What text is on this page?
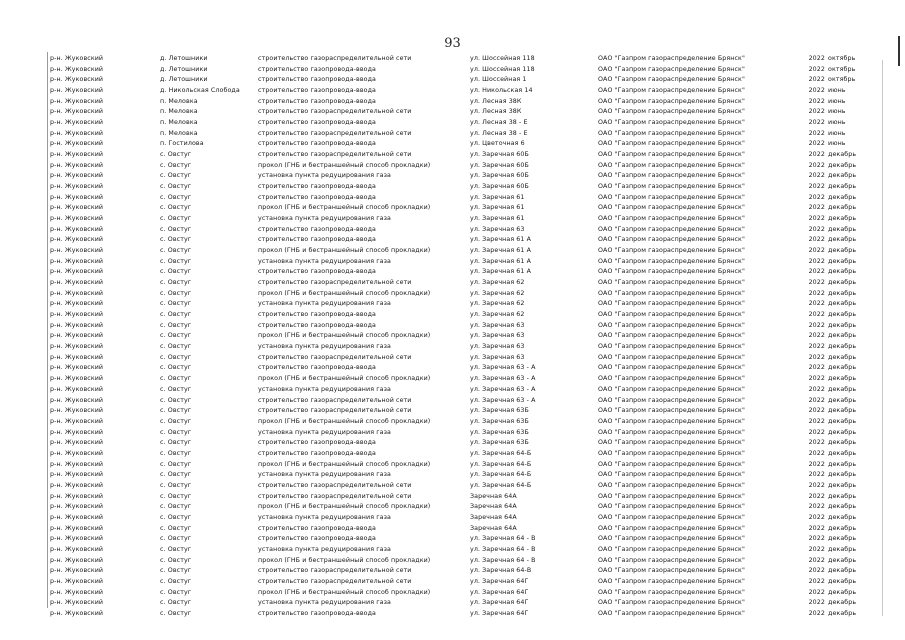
93
р-н. Жуковский	д. Летошники	строительство газораспределительной сети	ул. Шоссейная 118	ОАО "Газпром газораспределение Брянск"	2022 октябрь
р-н. Жуковский	д. Летошники	строительство газопровода-ввода	ул. Шоссейная 118	ОАО "Газпром газораспределение Брянск"	2022 октябрь
р-н. Жуковский	д. Летошники	строительство газопровода-ввода	ул. Шоссейная 1	ОАО "Газпром газораспределение Брянск"	2022 октябрь
р-н. Жуковский	д. Никольская Слобода	строительство газопровода-ввода	ул. Никольская 14	ОАО "Газпром газораспределение Брянск"	2022 июнь
р-н. Жуковский	п. Меловка	строительство газопровода-ввода	ул. Лесная 38К	ОАО "Газпром газораспределение Брянск"	2022 июнь
р-н. Жуковский	п. Меловка	строительство газораспределительной сети	ул. Лесная 38К	ОАО "Газпром газораспределение Брянск"	2022 июнь
р-н. Жуковский	п. Меловка	строительство газопровода-ввода	ул. Лесная 38 - Е	ОАО "Газпром газораспределение Брянск"	2022 июнь
р-н. Жуковский	п. Меловка	строительство газораспределительной сети	ул. Лесная 38 - Е	ОАО "Газпром газораспределение Брянск"	2022 июнь
р-н. Жуковский	п. Гостилова	строительство газопровода-ввода	ул. Цветочная 6	ОАО "Газпром газораспределение Брянск"	2022 июнь
р-н. Жуковский	с. Овстуг	строительство газораспределительной сети	ул. Заречная 60Б	ОАО "Газпром газораспределение Брянск"	2022 декабрь
р-н. Жуковский	с. Овстуг	прокол (ГНБ и бестраншейный способ прокладки)	ул. Заречная 60Б	ОАО "Газпром газораспределение Брянск"	2022 декабрь
р-н. Жуковский	с. Овстуг	установка пункта редуцирования газа	ул. Заречная 60Б	ОАО "Газпром газораспределение Брянск"	2022 декабрь
р-н. Жуковский	с. Овстуг	строительство газопровода-ввода	ул. Заречная 60Б	ОАО "Газпром газораспределение Брянск"	2022 декабрь
р-н. Жуковский	с. Овстуг	строительство газопровода-ввода	ул. Заречная 61	ОАО "Газпром газораспределение Брянск"	2022 декабрь
р-н. Жуковский	с. Овстуг	прокол (ГНБ и бестраншейный способ прокладки)	ул. Заречная 61	ОАО "Газпром газораспределение Брянск"	2022 декабрь
р-н. Жуковский	с. Овстуг	установка пункта редуцирования газа	ул. Заречная 61	ОАО "Газпром газораспределение Брянск"	2022 декабрь
р-н. Жуковский	с. Овстуг	строительство газопровода-ввода	ул. Заречная 63	ОАО "Газпром газораспределение Брянск"	2022 декабрь
р-н. Жуковский	с. Овстуг	строительство газопровода-ввода	ул. Заречная 61 А	ОАО "Газпром газораспределение Брянск"	2022 декабрь
р-н. Жуковский	с. Овстуг	прокол (ГНБ и бестраншейный способ прокладки)	ул. Заречная 61 А	ОАО "Газпром газораспределение Брянск"	2022 декабрь
р-н. Жуковский	с. Овстуг	установка пункта редуцирования газа	ул. Заречная 61 А	ОАО "Газпром газораспределение Брянск"	2022 декабрь
р-н. Жуковский	с. Овстуг	строительство газопровода-ввода	ул. Заречная 61 А	ОАО "Газпром газораспределение Брянск"	2022 декабрь
р-н. Жуковский	с. Овстуг	строительство газораспределительной сети	ул. Заречная 62	ОАО "Газпром газораспределение Брянск"	2022 декабрь
р-н. Жуковский	с. Овстуг	прокол (ГНБ и бестраншейный способ прокладки)	ул. Заречная 62	ОАО "Газпром газораспределение Брянск"	2022 декабрь
р-н. Жуковский	с. Овстуг	установка пункта редуцирования газа	ул. Заречная 62	ОАО "Газпром газораспределение Брянск"	2022 декабрь
р-н. Жуковский	с. Овстуг	строительство газопровода-ввода	ул. Заречная 62	ОАО "Газпром газораспределение Брянск"	2022 декабрь
р-н. Жуковский	с. Овстуг	строительство газопровода-ввода	ул. Заречная 63	ОАО "Газпром газораспределение Брянск"	2022 декабрь
р-н. Жуковский	с. Овстуг	прокол (ГНБ и бестраншейный способ прокладки)	ул. Заречная 63	ОАО "Газпром газораспределение Брянск"	2022 декабрь
р-н. Жуковский	с. Овстуг	установка пункта редуцирования газа	ул. Заречная 63	ОАО "Газпром газораспределение Брянск"	2022 декабрь
р-н. Жуковский	с. Овстуг	строительство газораспределительной сети	ул. Заречная 63	ОАО "Газпром газораспределение Брянск"	2022 декабрь
р-н. Жуковский	с. Овстуг	строительство газопровода-ввода	ул. Заречная 63 - А	ОАО "Газпром газораспределение Брянск"	2022 декабрь
р-н. Жуковский	с. Овстуг	прокол (ГНБ и бестраншейный способ прокладки)	ул. Заречная 63 - А	ОАО "Газпром газораспределение Брянск"	2022 декабрь
р-н. Жуковский	с. Овстуг	установка пункта редуцирования газа	ул. Заречная 63 - А	ОАО "Газпром газораспределение Брянск"	2022 декабрь
р-н. Жуковский	с. Овстуг	строительство газораспределительной сети	ул. Заречная 63 - А	ОАО "Газпром газораспределение Брянск"	2022 декабрь
р-н. Жуковский	с. Овстуг	строительство газораспределительной сети	ул. Заречная 63Б	ОАО "Газпром газораспределение Брянск"	2022 декабрь
р-н. Жуковский	с. Овстуг	прокол (ГНБ и бестраншейный способ прокладки)	ул. Заречная 63Б	ОАО "Газпром газораспределение Брянск"	2022 декабрь
р-н. Жуковский	с. Овстуг	установка пункта редуцирования газа	ул. Заречная 63Б	ОАО "Газпром газораспределение Брянск"	2022 декабрь
р-н. Жуковский	с. Овстуг	строительство газопровода-ввода	ул. Заречная 63Б	ОАО "Газпром газораспределение Брянск"	2022 декабрь
р-н. Жуковский	с. Овстуг	строительство газопровода-ввода	ул. Заречная 64-Б	ОАО "Газпром газораспределение Брянск"	2022 декабрь
р-н. Жуковский	с. Овстуг	прокол (ГНБ и бестраншейный способ прокладки)	ул. Заречная 64-Б	ОАО "Газпром газораспределение Брянск"	2022 декабрь
р-н. Жуковский	с. Овстуг	установка пункта редуцирования газа	ул. Заречная 64-Б	ОАО "Газпром газораспределение Брянск"	2022 декабрь
р-н. Жуковский	с. Овстуг	строительство газораспределительной сети	ул. Заречная 64-Б	ОАО "Газпром газораспределение Брянск"	2022 декабрь
р-н. Жуковский	с. Овстуг	строительство газораспределительной сети	Заречная 64А	ОАО "Газпром газораспределение Брянск"	2022 декабрь
р-н. Жуковский	с. Овстуг	прокол (ГНБ и бестраншейный способ прокладки)	Заречная 64А	ОАО "Газпром газораспределение Брянск"	2022 декабрь
р-н. Жуковский	с. Овстуг	установка пункта редуцирования газа	Заречная 64А	ОАО "Газпром газораспределение Брянск"	2022 декабрь
р-н. Жуковский	с. Овстуг	строительство газопровода-ввода	Заречная 64А	ОАО "Газпром газораспределение Брянск"	2022 декабрь
р-н. Жуковский	с. Овстуг	строительство газопровода-ввода	ул. Заречная 64 - В	ОАО "Газпром газораспределение Брянск"	2022 декабрь
р-н. Жуковский	с. Овстуг	установка пункта редуцирования газа	ул. Заречная 64 - В	ОАО "Газпром газораспределение Брянск"	2022 декабрь
р-н. Жуковский	с. Овстуг	прокол (ГНБ и бестраншейный способ прокладки)	ул. Заречная 64 - В	ОАО "Газпром газораспределение Брянск"	2022 декабрь
р-н. Жуковский	с. Овстуг	строительство газораспределительной сети	ул. Заречная 64-В	ОАО "Газпром газораспределение Брянск"	2022 декабрь
р-н. Жуковский	с. Овстуг	строительство газораспределительной сети	ул. Заречная 64Г	ОАО "Газпром газораспределение Брянск"	2022 декабрь
р-н. Жуковский	с. Овстуг	прокол (ГНБ и бестраншейный способ прокладки)	ул. Заречная 64Г	ОАО "Газпром газораспределение Брянск"	2022 декабрь
р-н. Жуковский	с. Овстуг	установка пункта редуцирования газа	ул. Заречная 64Г	ОАО "Газпром газораспределение Брянск"	2022 декабрь
р-н. Жуковский	с. Овстуг	строительство газопровода-ввода	ул. Заречная 64Г	ОАО "Газпром газораспределение Брянск"	2022 декабрь
